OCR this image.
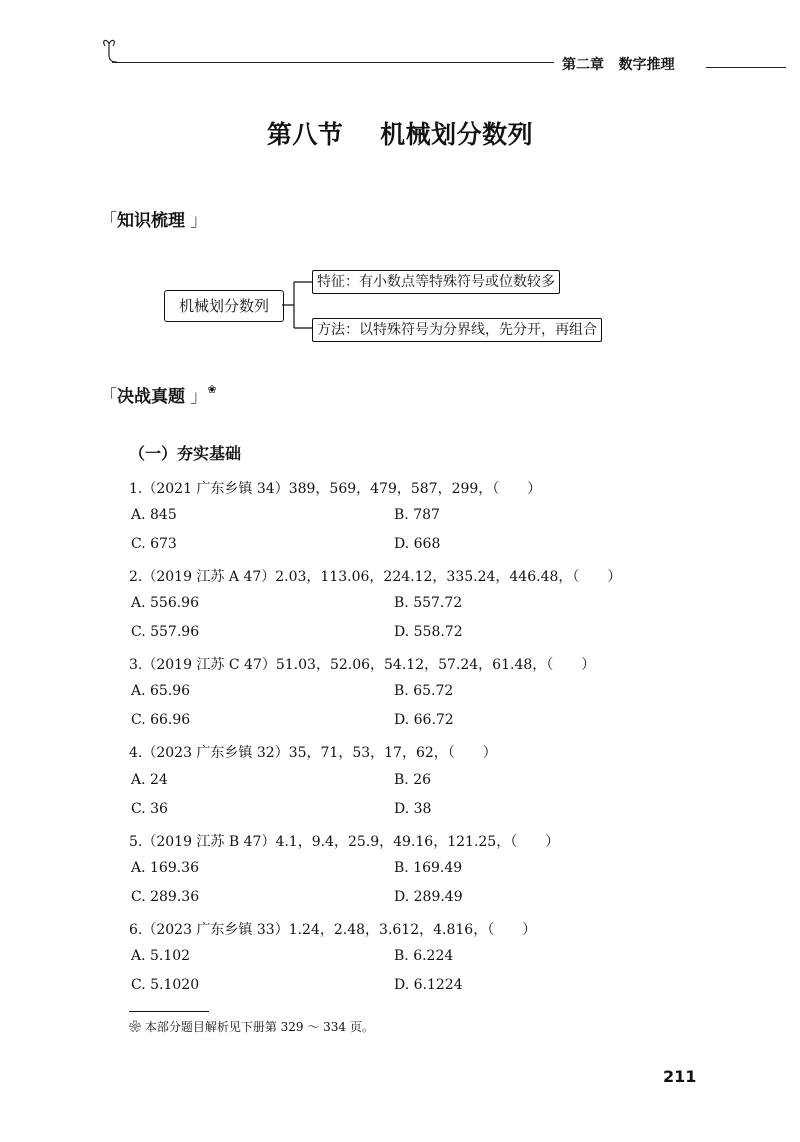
第二章 数字推理
第八节 机械划分数列
「知识梳理 」
机械划分数列
特征：有小数点等特殊符号或位数较多
方法：以特殊符号为分界线，先分开，再组合
「决战真题 」❀
（一）夯实基础
1.（2021 广东乡镇 34）389，569，479，587，299，（　　）
A. 845	B. 787
C. 673	D. 668
2.（2019 江苏 A 47）2.03，113.06，224.12，335.24，446.48，（　　）
A. 556.96	B. 557.72
C. 557.96	D. 558.72
3.（2019 江苏 C 47）51.03，52.06，54.12，57.24，61.48，（　　）
A. 65.96	B. 65.72
C. 66.96	D. 66.72
4.（2023 广东乡镇 32）35，71，53，17，62，（　　）
A. 24	B. 26
C. 36	D. 38
5.（2019 江苏 B 47）4.1，9.4，25.9，49.16，121.25，（　　）
A. 169.36	B. 169.49
C. 289.36	D. 289.49
6.（2023 广东乡镇 33）1.24，2.48，3.612，4.816，（　　）
A. 5.102	B. 6.224
C. 5.1020	D. 6.1224
❀ 本部分题目解析见下册第 329 ～ 334 页。
211
